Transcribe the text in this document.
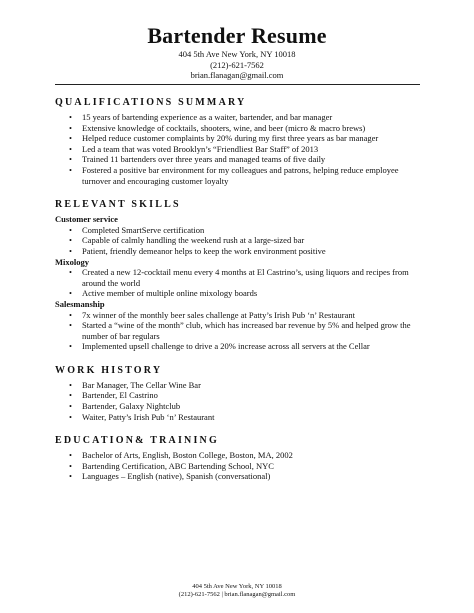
Bartender Resume
404 5th Ave New York, NY 10018
(212)-621-7562
brian.flanagan@gmail.com
QUALIFICATIONS SUMMARY
• 15 years of bartending experience as a waiter, bartender, and bar manager
• Extensive knowledge of cocktails, shooters, wine, and beer (micro & macro brews)
• Helped reduce customer complaints by 20% during my first three years as bar manager
• Led a team that was voted Brooklyn’s “Friendliest Bar Staff” of 2013
• Trained 11 bartenders over three years and managed teams of five daily
• Fostered a positive bar environment for my colleagues and patrons, helping reduce employee turnover and encouraging customer loyalty
RELEVANT SKILLS
Customer service
• Completed SmartServe certification
• Capable of calmly handling the weekend rush at a large-sized bar
• Patient, friendly demeanor helps to keep the work environment positive
Mixology
• Created a new 12-cocktail menu every 4 months at El Castrino’s, using liquors and recipes from around the world
• Active member of multiple online mixology boards
Salesmanship
• 7x winner of the monthly beer sales challenge at Patty’s Irish Pub ‘n’ Restaurant
• Started a “wine of the month” club, which has increased bar revenue by 5% and helped grow the number of bar regulars
• Implemented upsell challenge to drive a 20% increase across all servers at the Cellar
WORK HISTORY
• Bar Manager, The Cellar Wine Bar
• Bartender, El Castrino
• Bartender, Galaxy Nightclub
• Waiter, Patty’s Irish Pub ‘n’ Restaurant
EDUCATION& TRAINING
• Bachelor of Arts, English, Boston College, Boston, MA, 2002
• Bartending Certification, ABC Bartending School, NYC
• Languages – English (native), Spanish (conversational)
404 5th Ave New York, NY 10018
(212)-621-7562 | brian.flanagan@gmail.com
